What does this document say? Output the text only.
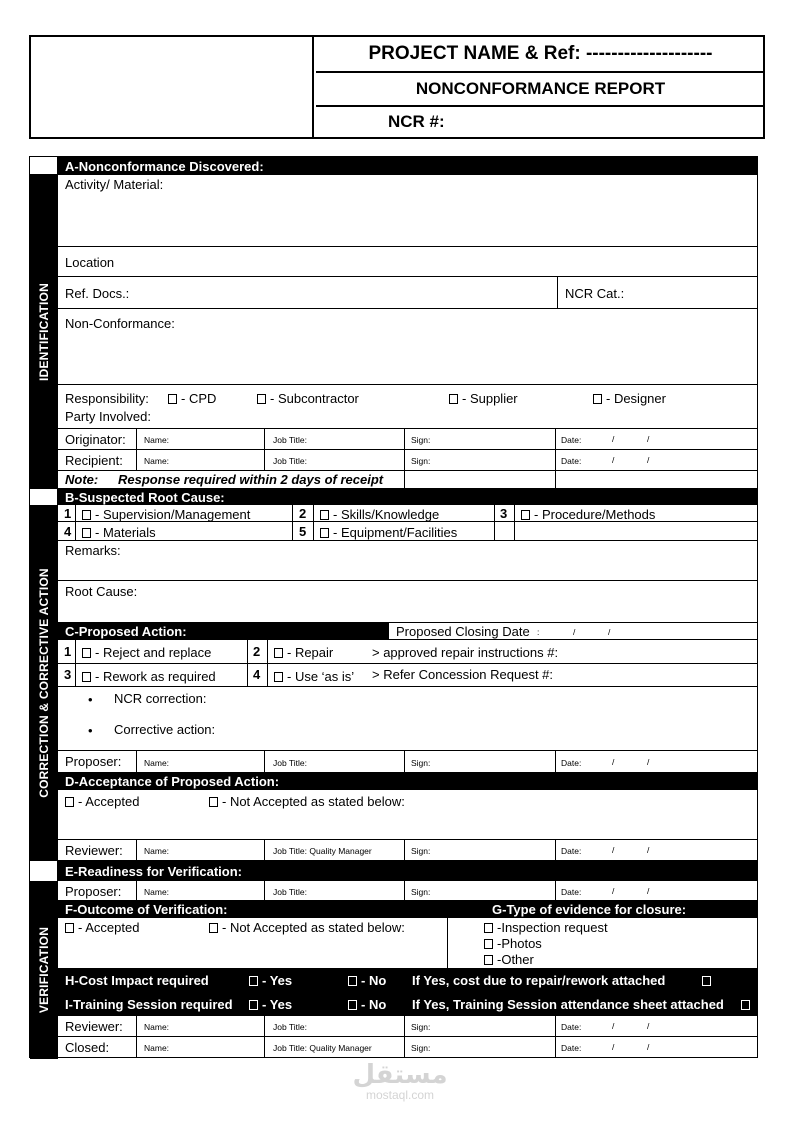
PROJECT NAME & Ref: --------------------
NONCONFORMANCE REPORT
NCR #:
IDENTIFICATION
CORRECTION & CORRECTIVE ACTION
VERIFICATION
A-Nonconformance Discovered:
Activity/ Material:
Location
Ref. Docs.:	NCR Cat.:
Non-Conformance:
Responsibility:	- CPD	- Subcontractor	- Supplier	- Designer
Party Involved:
Originator: Name:	Job Title:	Sign:	Date:	/	/
Recipient: Name:	Job Title:	Sign:	Date:	/	/
Note: Response required within 2 days of receipt
B-Suspected Root Cause:
1	- Supervision/Management	2	- Skills/Knowledge	3	- Procedure/Methods
4	- Materials	5	- Equipment/Facilities
Remarks:
Root Cause:
C-Proposed Action:	Proposed Closing Date :	/	/
1	- Reject and replace	2	- Repair	> approved repair instructions #:
3	- Rework as required	4	- Use ‘as is’ > Refer Concession Request #:
• NCR correction:
• Corrective action:
Proposer:	Name:	Job Title:	Sign:	Date:	/	/
D-Acceptance of Proposed Action:
- Accepted	- Not Accepted as stated below:
Reviewer: Name:	Job Title: Quality Manager	Sign:	Date:	/	/
E-Readiness for Verification:
Proposer:	Name:	Job Title:	Sign:	Date:	/	/
F-Outcome of Verification:	G-Type of evidence for closure:
- Accepted	- Not Accepted as stated below:	-Inspection request
-Photos
-Other
H-Cost Impact required	- Yes	- No If Yes, cost due to repair/rework attached
I-Training Session required	- Yes	- No If Yes, Training Session attendance sheet attached
Reviewer: Name:	Job Title:	Sign:	Date:	/	/
Closed:	Name:	Job Title: Quality Manager	Sign:	Date:	/	/
مستقل
mostaql.com
